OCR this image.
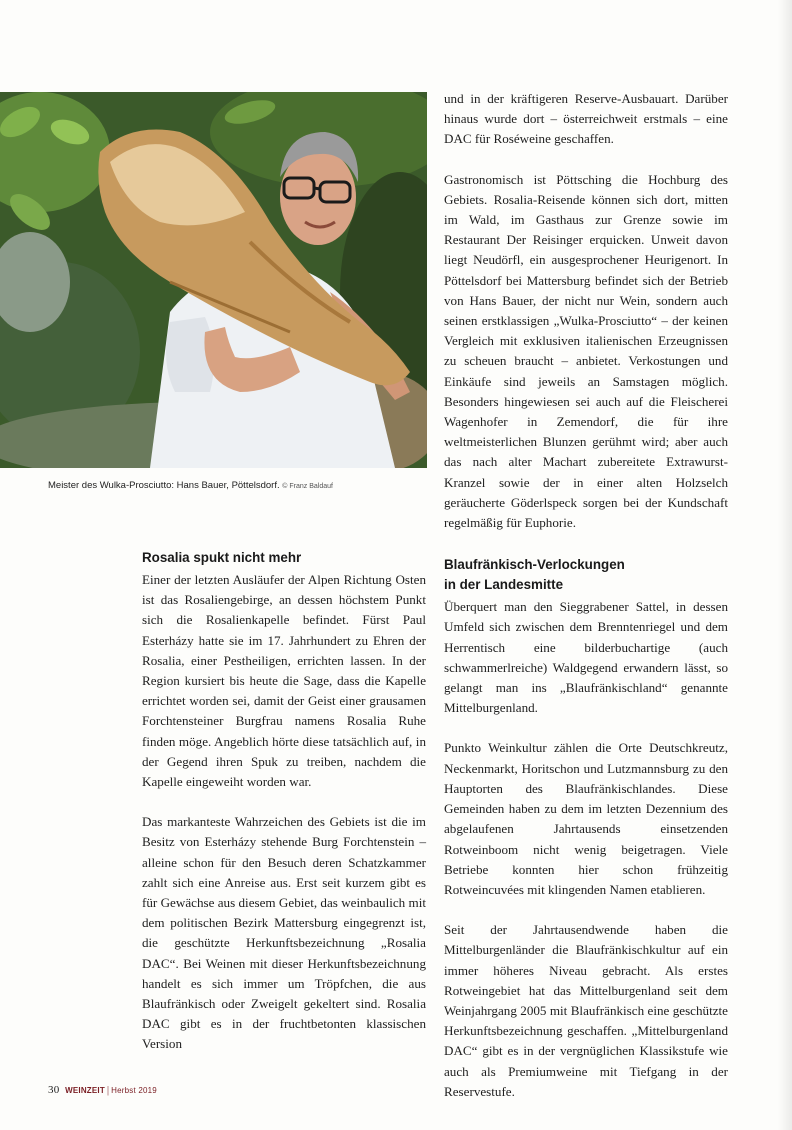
Meister des Wulka-Prosciutto: Hans Bauer, Pöttelsdorf. © Franz Baldauf
Rosalia spukt nicht mehr

Einer der letzten Ausläufer der Alpen Richtung Osten ist das Rosaliengebirge, an dessen höchstem Punkt sich die Rosalienkapelle befindet. Fürst Paul Esterházy hatte sie im 17. Jahrhundert zu Ehren der Rosalia, einer Pestheiligen, errichten lassen. In der Region kursiert bis heute die Sage, dass die Kapelle errichtet worden sei, damit der Geist einer grausamen Forchtensteiner Burgfrau namens Rosalia Ruhe finden möge. Angeblich hörte diese tatsächlich auf, in der Gegend ihren Spuk zu treiben, nachdem die Kapelle eingeweiht worden war.

Das markanteste Wahrzeichen des Gebiets ist die im Besitz von Esterházy stehende Burg Forchtenstein – alleine schon für den Besuch deren Schatzkammer zahlt sich eine Anreise aus. Erst seit kurzem gibt es für Gewächse aus diesem Gebiet, das weinbaulich mit dem politischen Bezirk Mattersburg eingegrenzt ist, die geschützte Herkunftsbezeichnung „Rosalia DAC“. Bei Weinen mit dieser Herkunftsbezeichnung handelt es sich immer um Tröpfchen, die aus Blaufränkisch oder Zweigelt gekeltert sind. Rosalia DAC gibt es in der fruchtbetonten klassischen Version

und in der kräftigeren Reserve-Ausbauart. Darüber hinaus wurde dort – österreichweit erstmals – eine DAC für Roséweine geschaffen.

Gastronomisch ist Pöttsching die Hochburg des Gebiets. Rosalia-Reisende können sich dort, mitten im Wald, im Gasthaus zur Grenze sowie im Restaurant Der Reisinger erquicken. Unweit davon liegt Neudörfl, ein ausgesprochener Heurigenort. In Pöttelsdorf bei Mattersburg befindet sich der Betrieb von Hans Bauer, der nicht nur Wein, sondern auch seinen erstklassigen „Wulka-Prosciutto“ – der keinen Vergleich mit exklusiven italienischen Erzeugnissen zu scheuen braucht – anbietet. Verkostungen und Einkäufe sind jeweils an Samstagen möglich. Besonders hingewiesen sei auch auf die Fleischerei Wagenhofer in Zemendorf, die für ihre weltmeisterlichen Blunzen gerühmt wird; aber auch das nach alter Machart zubereitete Extrawurst-Kranzel sowie der in einer alten Holzselch geräucherte Göderlspeck sorgen bei der Kundschaft regelmäßig für Euphorie.

Blaufränkisch-Verlockungen
in der Landesmitte

Überquert man den Sieggrabener Sattel, in dessen Umfeld sich zwischen dem Brenntenriegel und dem Herrentisch eine bilderbuchartige (auch schwammerlreiche) Waldgegend erwandern lässt, so gelangt man ins „Blaufränkischland“ genannte Mittelburgenland.

Punkto Weinkultur zählen die Orte Deutschkreutz, Neckenmarkt, Horitschon und Lutzmannsburg zu den Hauptorten des Blaufränkischlandes. Diese Gemeinden haben zu dem im letzten Dezennium des abgelaufenen Jahrtausends einsetzenden Rotweinboom nicht wenig beigetragen. Viele Betriebe konnten hier schon frühzeitig Rotweincuvées mit klingenden Namen etablieren.

Seit der Jahrtausendwende haben die Mittelburgenländer die Blaufränkischkultur auf ein immer höheres Niveau gebracht. Als erstes Rotweingebiet hat das Mittelburgenland seit dem Weinjahrgang 2005 mit Blaufränkisch eine geschützte Herkunftsbezeichnung geschaffen. „Mittelburgenland DAC“ gibt es in der vergnüglichen Klassikstufe wie auch als Premiumweine mit Tiefgang in der Reservestufe.

30 WEINZEIT | Herbst 2019
